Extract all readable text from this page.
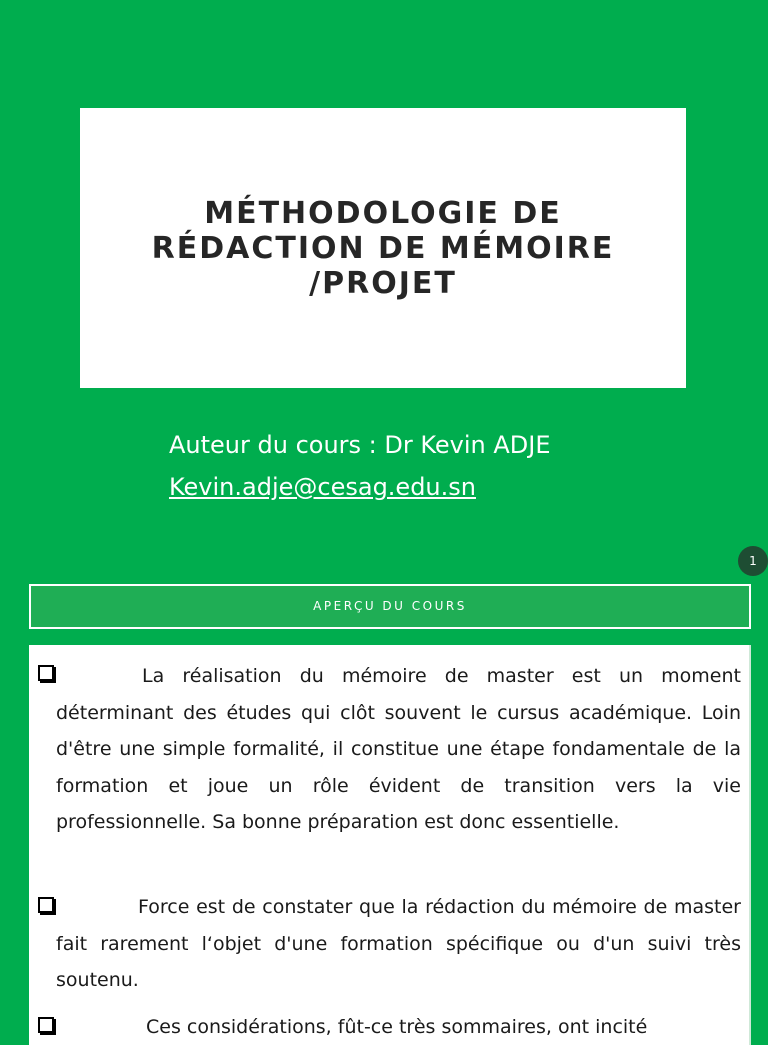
MÉTHODOLOGIE DE RÉDACTION DE MÉMOIRE /PROJET
Auteur du cours : Dr Kevin ADJE
Kevin.adje@cesag.edu.sn
1
APERÇU DU COURS

La réalisation du mémoire de master est un moment déterminant des études qui clôt souvent le cursus académique. Loin d'être une simple formalité, il constitue une étape fondamentale de la formation et joue un rôle évident de transition vers la vie professionnelle. Sa bonne préparation est donc essentielle.

Force est de constater que la rédaction du mémoire de master fait rarement l‘objet d'une formation spécifique ou d'un suivi très soutenu.

Ces considérations, fût-ce très sommaires, ont incité
